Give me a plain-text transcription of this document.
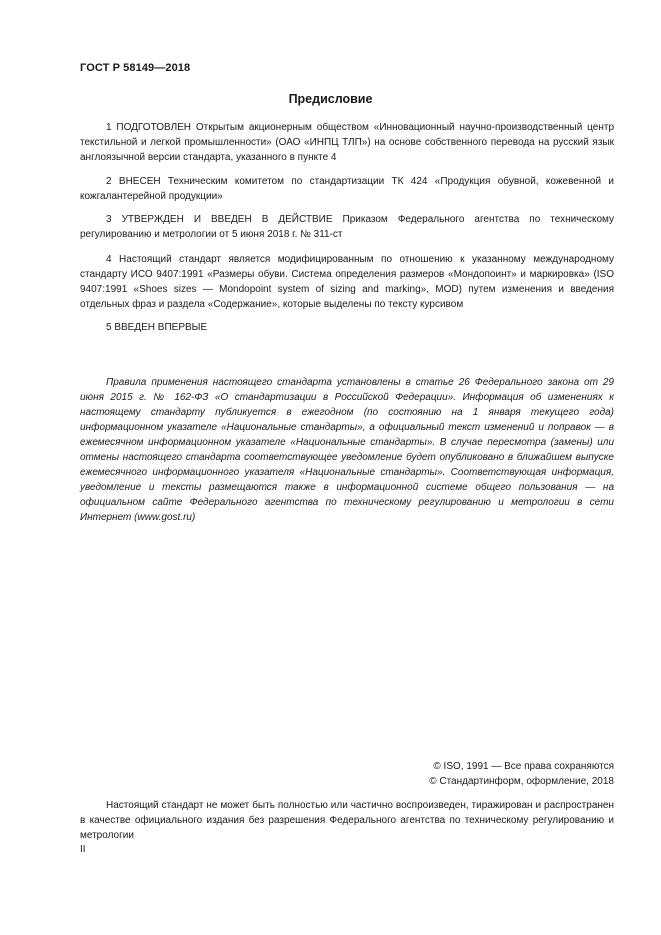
ГОСТ Р 58149—2018
Предисловие
1 ПОДГОТОВЛЕН Открытым акционерным обществом «Инновационный научно-производственный центр текстильной и легкой промышленности» (ОАО «ИНПЦ ТЛП») на основе собственного перевода на русский язык англоязычной версии стандарта, указанного в пункте 4
2 ВНЕСЕН Техническим комитетом по стандартизации ТК 424 «Продукция обувной, кожевенной и кожгалантерейной продукции»
3 УТВЕРЖДЕН И ВВЕДЕН В ДЕЙСТВИЕ Приказом Федерального агентства по техническому регулированию и метрологии от 5 июня 2018 г. № 311-ст
4 Настоящий стандарт является модифицированным по отношению к указанному международному стандарту ИСО 9407:1991 «Размеры обуви. Система определения размеров «Мондопоинт» и маркировка» (ISO 9407:1991 «Shoes sizes — Mondopoint system of sizing and marking», MOD) путем изменения и введения отдельных фраз и раздела «Содержание», которые выделены по тексту курсивом
5 ВВЕДЕН ВПЕРВЫЕ
Правила применения настоящего стандарта установлены в статье 26 Федерального закона от 29 июня 2015 г. № 162-ФЗ «О стандартизации в Российской Федерации». Информация об изменениях к настоящему стандарту публикуется в ежегодном (по состоянию на 1 января текущего года) информационном указателе «Национальные стандарты», а официальный текст изменений и поправок — в ежемесячном информационном указателе «Национальные стандарты». В случае пересмотра (замены) или отмены настоящего стандарта соответствующее уведомление будет опубликовано в ближайшем выпуске ежемесячного информационного указателя «Национальные стандарты». Соответствующая информация, уведомление и тексты размещаются также в информационной системе общего пользования — на официальном сайте Федерального агентства по техническому регулированию и метрологии в сети Интернет (www.gost.ru)
© ISO, 1991 — Все права сохраняются
© Стандартинформ, оформление, 2018
Настоящий стандарт не может быть полностью или частично воспроизведен, тиражирован и распространен в качестве официального издания без разрешения Федерального агентства по техническому регулированию и метрологии
II
